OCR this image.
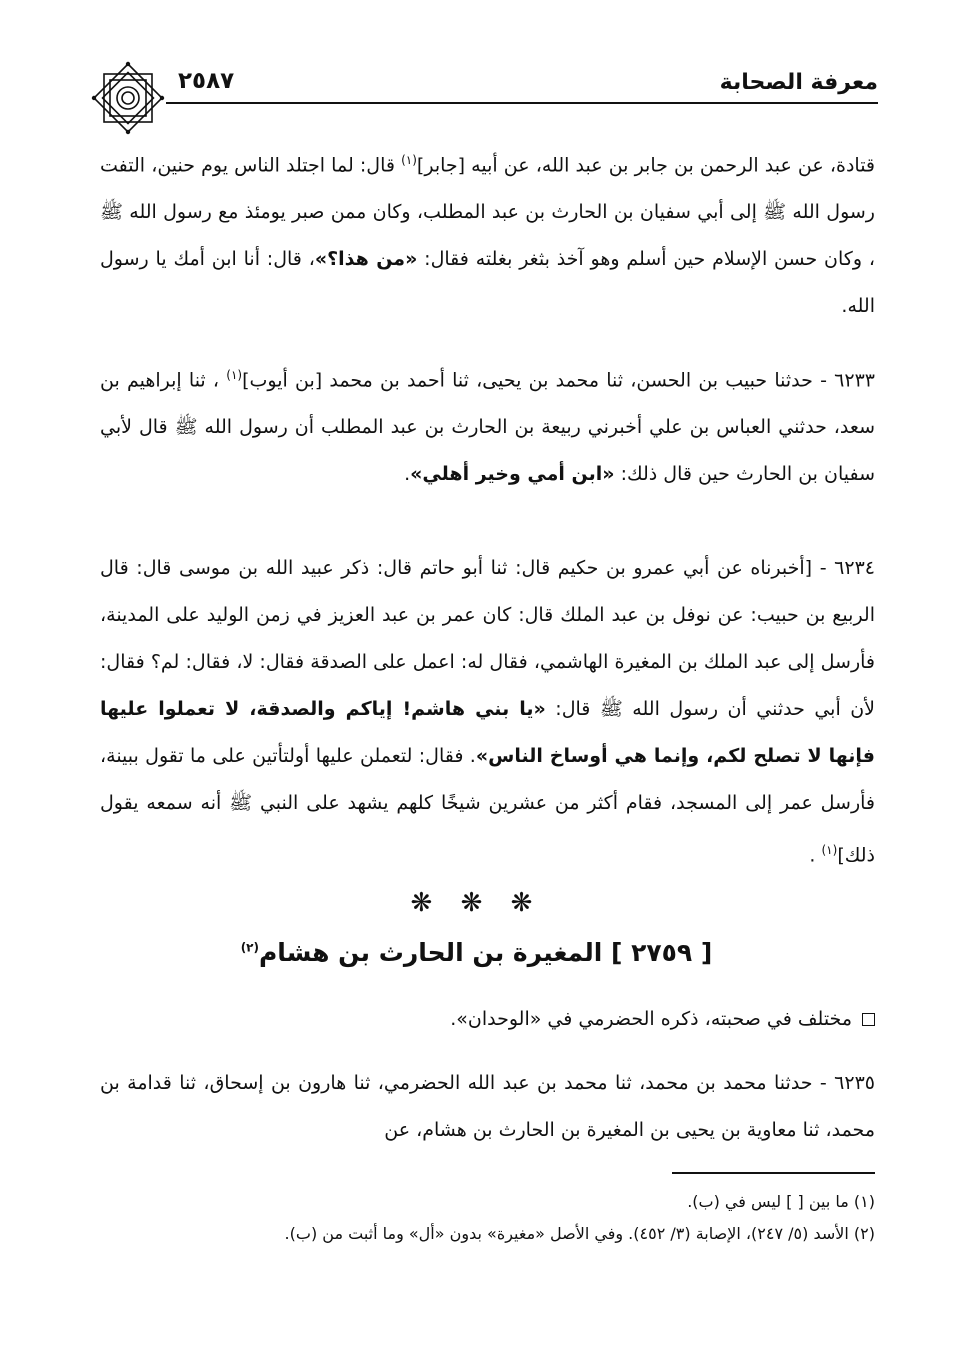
٢٥٨٧	معرفة الصحابة

قتادة، عن عبد الرحمن بن جابر بن عبد الله، عن أبيه [جابر]$^{(١)}$ قال: لما اجتلد الناس يوم حنين، التفت رسول الله ﷺ إلى أبي سفيان بن الحارث بن عبد المطلب، وكان ممن صبر يومئذ مع رسول الله ﷺ ، وكان حسن الإسلام حين أسلم وهو آخذ بثغر بغلته فقال: «من هذا؟»، قال: أنا ابن أمك يا رسول الله.

٦٢٣٣ - حدثنا حبيب بن الحسن، ثنا محمد بن يحيى، ثنا أحمد بن محمد [بن أيوب]$^{(١)}$ ، ثنا إبراهيم بن سعد، حدثني العباس بن علي أخبرني ربيعة بن الحارث بن عبد المطلب أن رسول الله ﷺ قال لأبي سفيان بن الحارث حين قال ذلك: «ابن أمي وخير أهلي».

٦٢٣٤ - [أخبرناه عن أبي عمرو بن حكيم قال: ثنا أبو حاتم قال: ذكر عبيد الله بن موسى قال: قال الربيع بن حبيب: عن نوفل بن عبد الملك قال: كان عمر بن عبد العزيز في زمن الوليد على المدينة، فأرسل إلى عبد الملك بن المغيرة الهاشمي، فقال له: اعمل على الصدقة فقال: لا، فقال: لم؟ فقال: لأن أبي حدثني أن رسول الله ﷺ قال: «يا بني هاشم! إياكم والصدقة، لا تعملوا عليها فإنها لا تصلح لكم، وإنما هي أوساخ الناس». فقال: لتعملن عليها أولتأتين على ما تقول ببينة، فأرسل عمر إلى المسجد، فقام أكثر من عشرين شيخًا كلهم يشهد على النبي ﷺ أنه سمعه يقول ذلك]$^{(١)}$ .

❋ ❋ ❋
[ ٢٧٥٩ ] المغيرة بن الحارث بن هشام$^{(٢)}$
مختلف في صحبته، ذكره الحضرمي في «الوحدان».

٦٢٣٥ - حدثنا محمد بن محمد، ثنا محمد بن عبد الله الحضرمي، ثنا هارون بن إسحاق، ثنا قدامة بن محمد، ثنا معاوية بن يحيى بن المغيرة بن الحارث بن هشام، عن

(١) ما بين [ ] ليس في (ب).

(٢) الأسد (٥/ ٢٤٧)، الإصابة (٣/ ٤٥٢). وفي الأصل «مغيرة» بدون «أل» وما أثبت من (ب).
